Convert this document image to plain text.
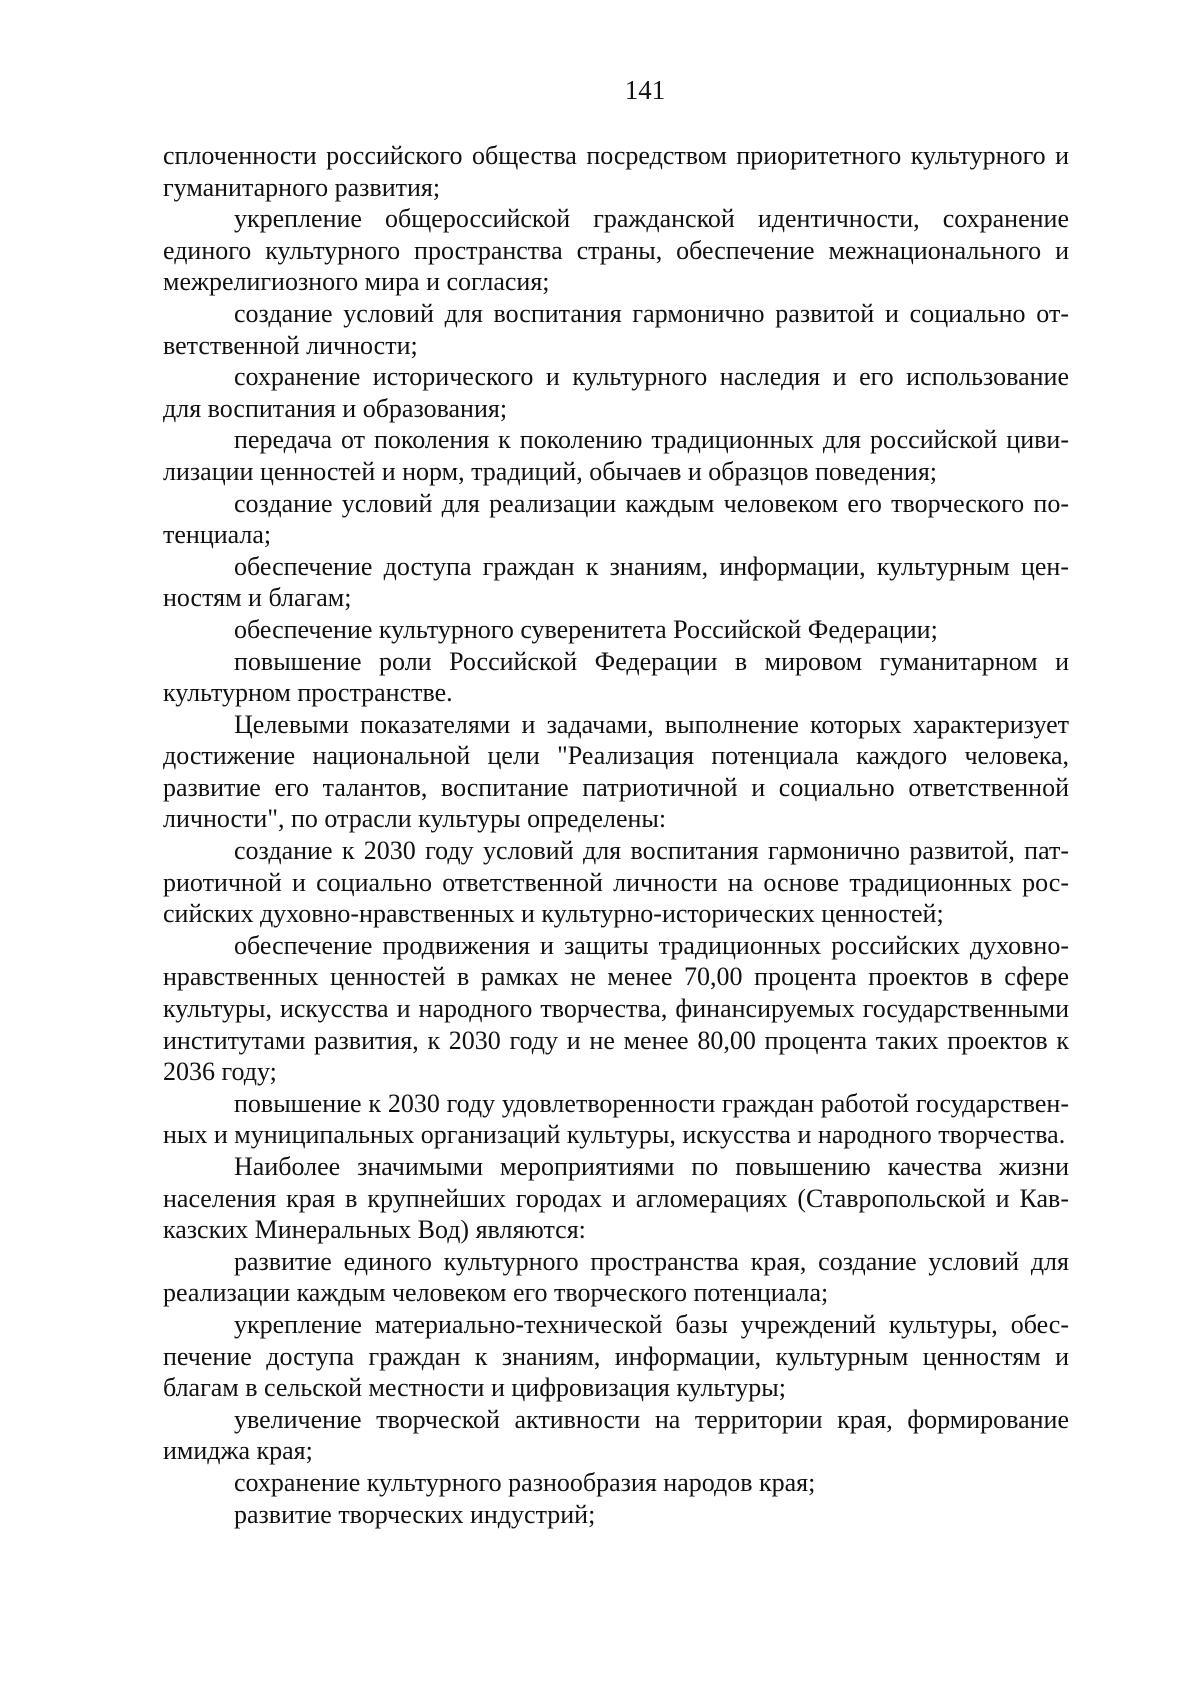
141

сплоченности российского общества посредством приоритетного культурного и гуманитарного развития;

укрепление общероссийской гражданской идентичности, сохранение единого культурного пространства страны, обеспечение межнационального и межрелигиозного мира и согласия;

создание условий для воспитания гармонично развитой и социально ответственной личности;

сохранение исторического и культурного наследия и его использование для воспитания и образования;

передача от поколения к поколению традиционных для российской цивилизации ценностей и норм, традиций, обычаев и образцов поведения;

создание условий для реализации каждым человеком его творческого потенциала;

обеспечение доступа граждан к знаниям, информации, культурным ценностям и благам;

обеспечение культурного суверенитета Российской Федерации;

повышение роли Российской Федерации в мировом гуманитарном и культурном пространстве.

Целевыми показателями и задачами, выполнение которых характеризует достижение национальной цели "Реализация потенциала каждого человека, развитие его талантов, воспитание патриотичной и социально ответственной личности", по отрасли культуры определены:

создание к 2030 году условий для воспитания гармонично развитой, патриотичной и социально ответственной личности на основе традиционных российских духовно-нравственных и культурно-исторических ценностей;

обеспечение продвижения и защиты традиционных российских духовно-нравственных ценностей в рамках не менее 70,00 процента проектов в сфере культуры, искусства и народного творчества, финансируемых государственными институтами развития, к 2030 году и не менее 80,00 процента таких проектов к 2036 году;

повышение к 2030 году удовлетворенности граждан работой государственных и муниципальных организаций культуры, искусства и народного творчества.

Наиболее значимыми мероприятиями по повышению качества жизни населения края в крупнейших городах и агломерациях (Ставропольской и Кавказских Минеральных Вод) являются:

развитие единого культурного пространства края, создание условий для реализации каждым человеком его творческого потенциала;

укрепление материально-технической базы учреждений культуры, обеспечение доступа граждан к знаниям, информации, культурным ценностям и благам в сельской местности и цифровизация культуры;

увеличение творческой активности на территории края, формирование имиджа края;

сохранение культурного разнообразия народов края;

развитие творческих индустрий;
